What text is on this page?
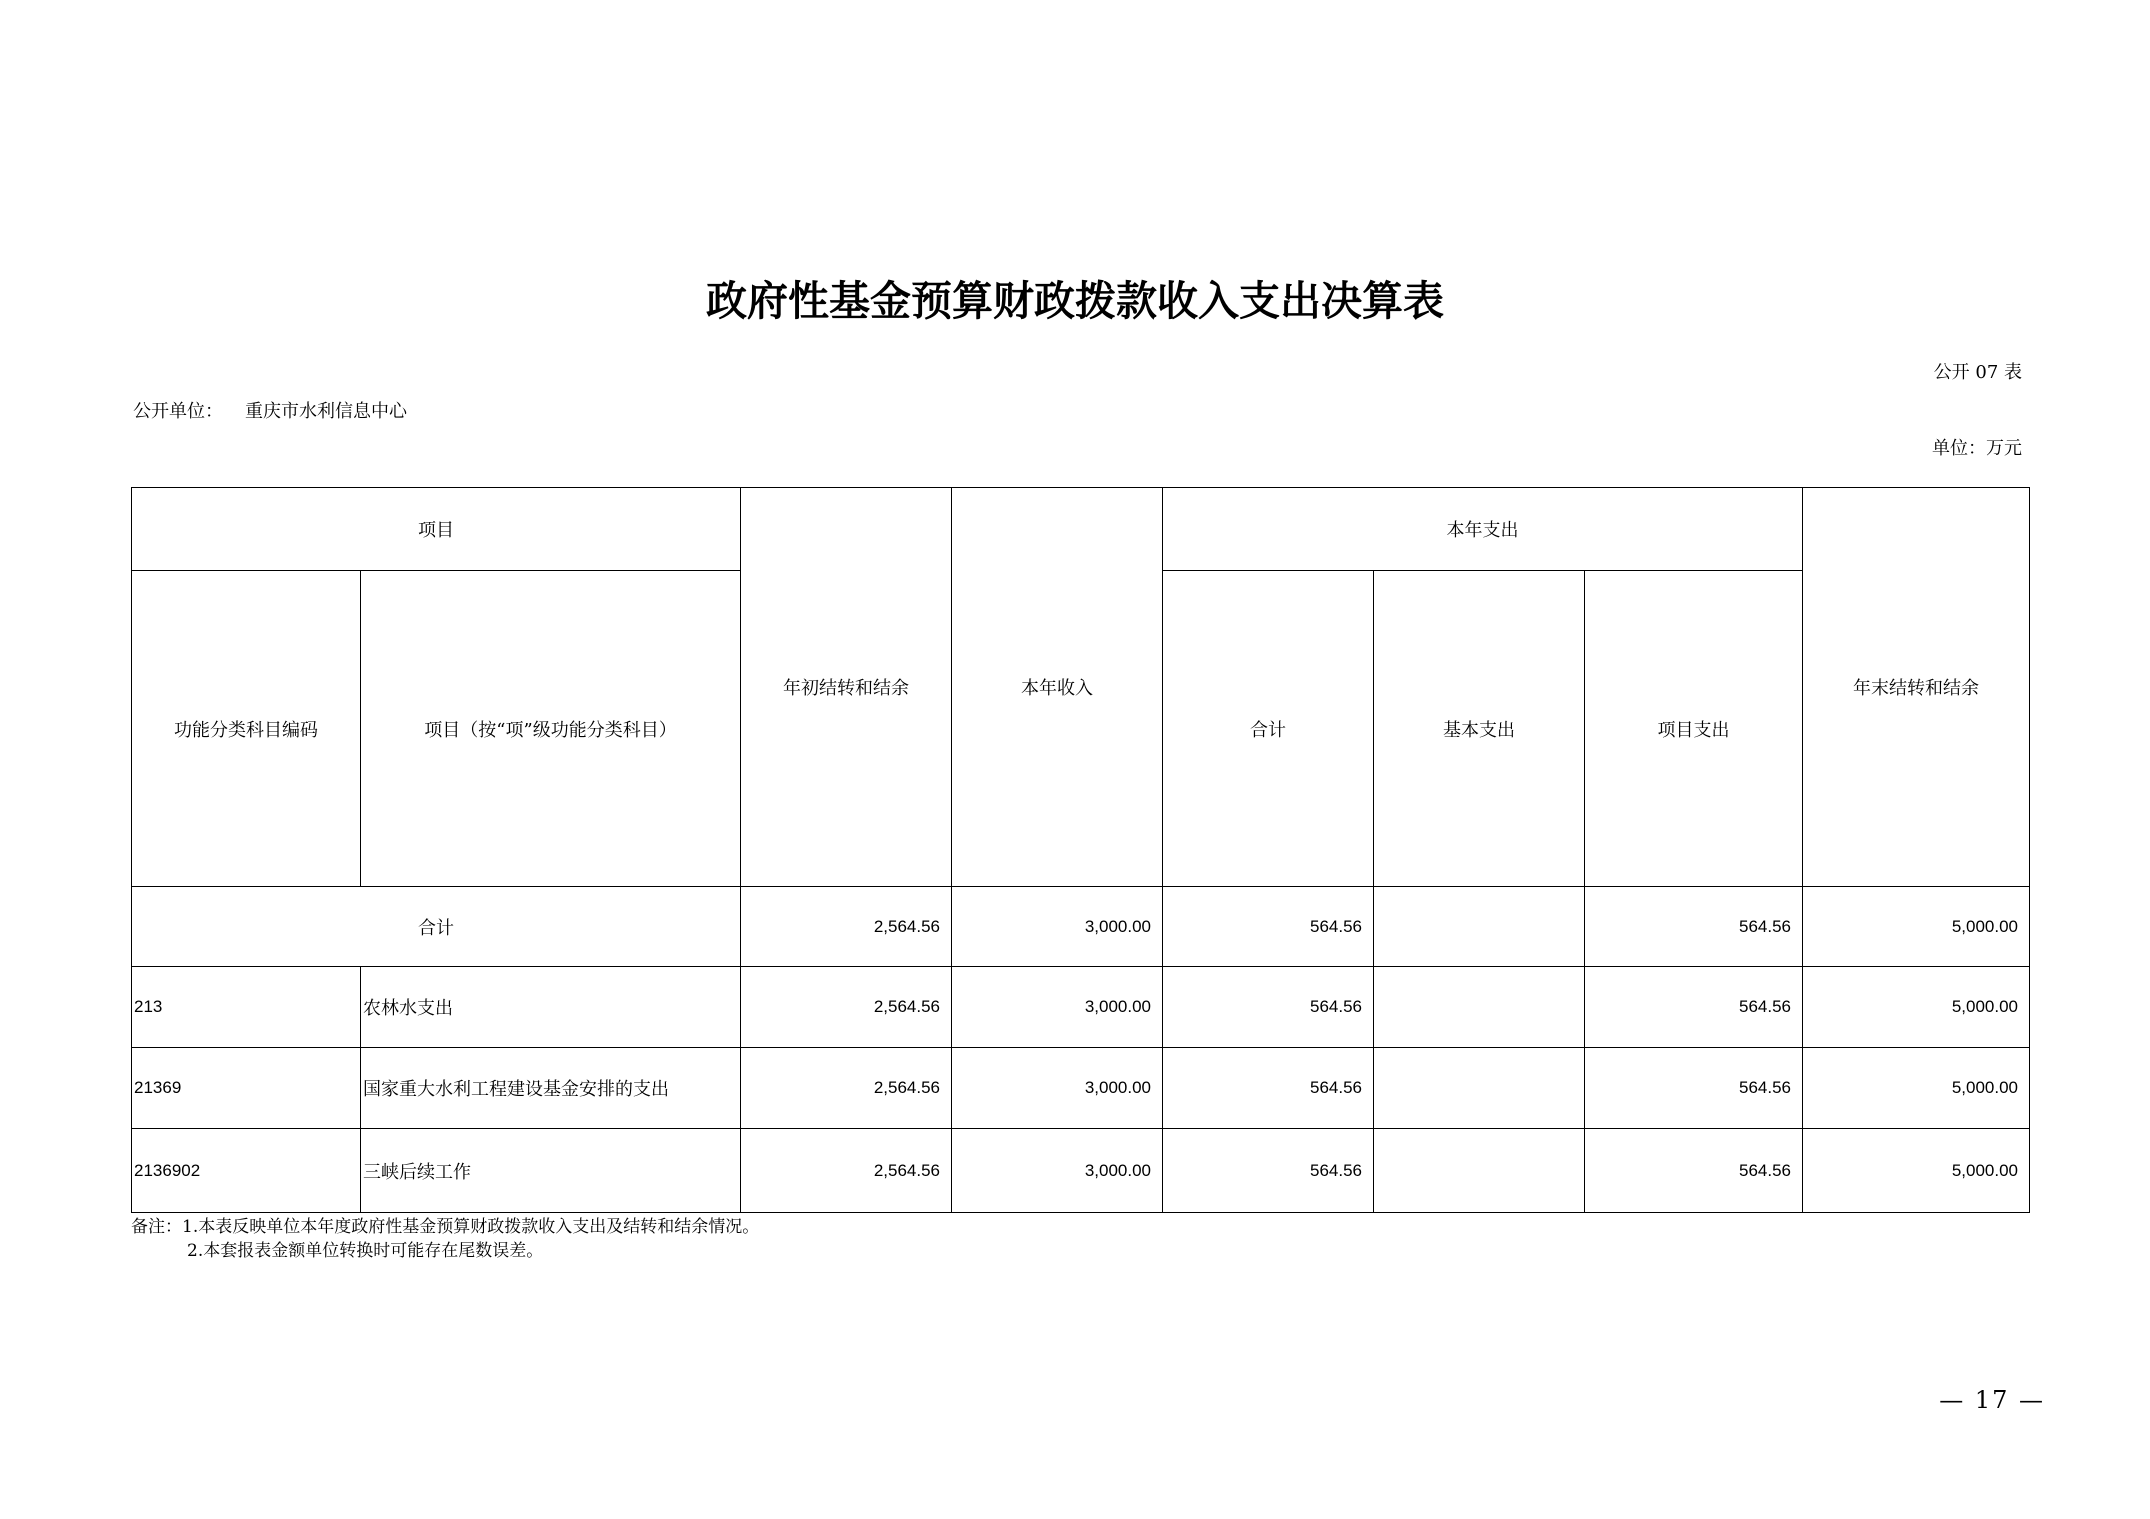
政府性基金预算财政拨款收入支出决算表
公开 07 表
公开单位： 重庆市水利信息中心
单位：万元
项目		年初结转和结余	本年收入	本年支出			年末结转和结余
功能分类科目编码	项目（按“项”级功能分类科目）			合计	基本支出	项目支出	
合计		2,564.56	3,000.00	564.56		564.56	5,000.00
213	农林水支出	2,564.56	3,000.00	564.56		564.56	5,000.00
21369	国家重大水利工程建设基金安排的支出	2,564.56	3,000.00	564.56		564.56	5,000.00
2136902	三峡后续工作	2,564.56	3,000.00	564.56		564.56	5,000.00
备注：1.本表反映单位本年度政府性基金预算财政拨款收入支出及结转和结余情况。
2.本套报表金额单位转换时可能存在尾数误差。
— 17 —
